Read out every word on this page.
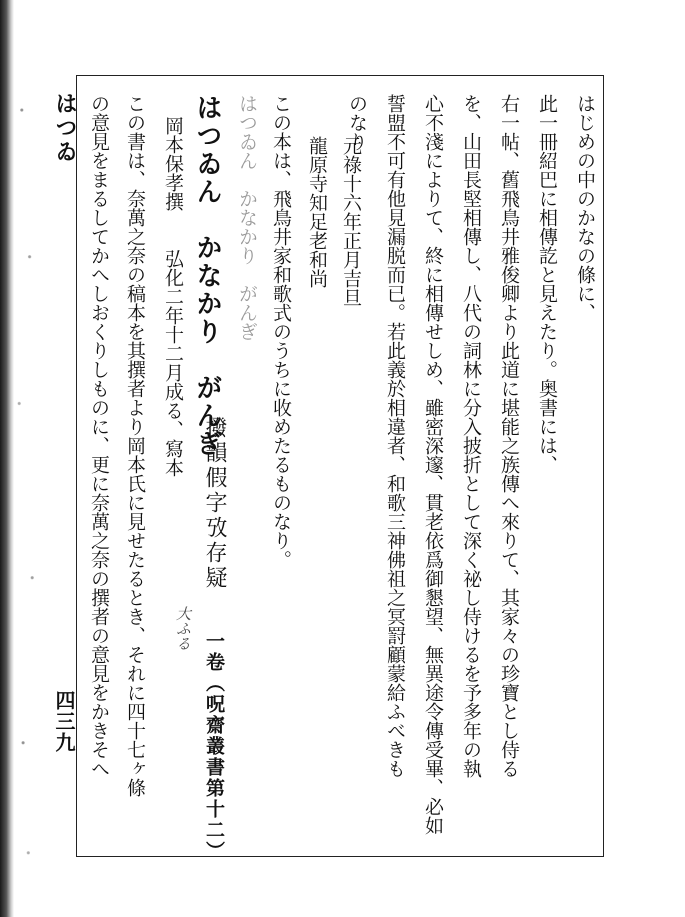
はつゐ
四三九
はじめの中のかなの條に、
此一冊紹巴に相傳訖と見えたり。奥書には、
右一帖、舊飛鳥井雅俊卿より此道に堪能之族傳へ來りて、其家々の珍寶とし侍る
を、山田長堅相傳し、八代の詞林に分入披折として深く祕し侍けるを予多年の執
心不淺によりて、終に相傳せしめ、雖密深邃、貫老依爲御懇望、無異途令傳受畢、必如
誓盟不可有他見漏脱而已。若此義於相違者、和歌三神佛祖之冥罸顧蒙給ふべきも
のなり
元祿十六年正月吉旦
龍原寺知足老和尚
この本は、飛鳥井家和歌式のうちに收めたるものなり。
はつゐん　かなかり　がんぎ
はつゐん　かなかり　がんぎ
撥韻假字攷存疑
一卷（呪齋叢書第十二）
大ふる
岡本保孝撰　　弘化二年十二月成る、寫本
この書は、奈萬之奈の稿本を其撰者より岡本氏に見せたるとき、それに四十七ヶ條
の意見をまるしてかへしおくりしものに、更に奈萬之奈の撰者の意見をかきそへ
